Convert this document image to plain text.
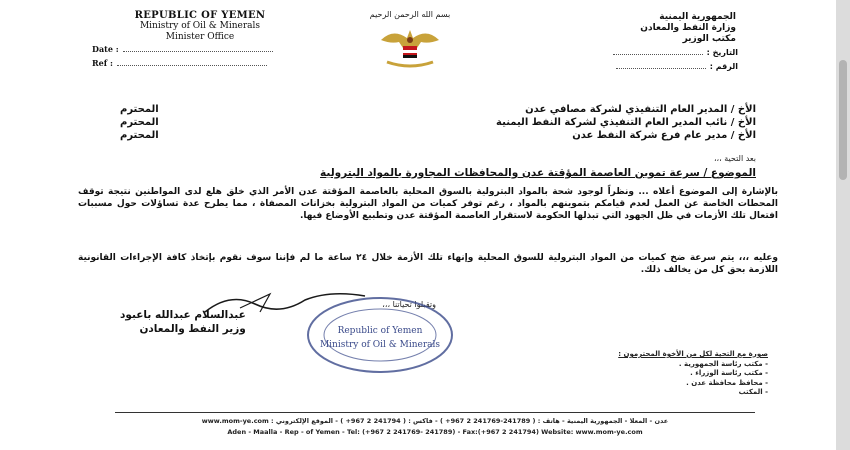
REPUBLIC OF YEMEN
Ministry of Oil & Minerals
Minister Office
Date :
Ref :
بسم الله الرحمن الرحيم	الجمهورية اليمنية
وزارة النفط والمعادن
مكتب الوزير
التاريخ :
الرقم :
الأخ / المدير العام التنفيذي لشركة مصافي عدن
الأخ / نائب المدير العام التنفيذي لشركة النفط اليمنية
الأخ / مدير عام فرع شركة النفط عدن
المحترم
المحترم
المحترم
بعد التحية ،،،
الموضوع / سرعة تموين العاصمة المؤقتة عدن والمحافظات المجاورة بالمواد البترولية
بالإشارة إلى الموضوع أعلاه ... ونظراً لوجود شحة بالمواد البترولية بالسوق المحلية بالعاصمة المؤقتة عدن الأمر الذي خلق هلع لدى المواطنين نتيجة توقف المحطات الخاصة عن العمل لعدم قيامكم بتموينهم بالمواد ، رغم توفر كميات من المواد البترولية بخزانات المصفاة ، مما يطرح عدة تساؤلات حول مسببات افتعال تلك الأزمات في ظل الجهود التي تبذلها الحكومة لاستقرار العاصمة المؤقتة عدن وتطبيع الأوضاع فيها.
وعليه ،،، يتم سرعة ضخ كميات من المواد البترولية للسوق المحلية وإنهاء تلك الأزمة خلال ٢٤ ساعة ما لم فإننا سوف نقوم بإتخاذ كافة الإجراءات القانونية اللازمة بحق كل من يخالف ذلك.
وتقبلوا تحياتنا ،،،
Republic of Yemen
Ministry of Oil & Minerals
عبدالسلام عبدالله باعبود
وزير النفط والمعادن
صورة مع التحية لكل من الأخوة المحترمون :
- مكتب رئاسة الجمهورية .
- مكتب رئاسة الوزراء .
- محافظ محافظة عدن .
- المكتب
عدن - المعلا - الجمهورية اليمنية - هاتف : ( 241789-241769 2 967+ ) - فاكس : ( 241794 2 967+ ) - الموقع الإلكتروني : www.mom-ye.com
Aden - Maalla - Rep - of Yemen - Tel: (+967 2 241769- 241789) - Fax:(+967 2 241794) Website: www.mom-ye.com
